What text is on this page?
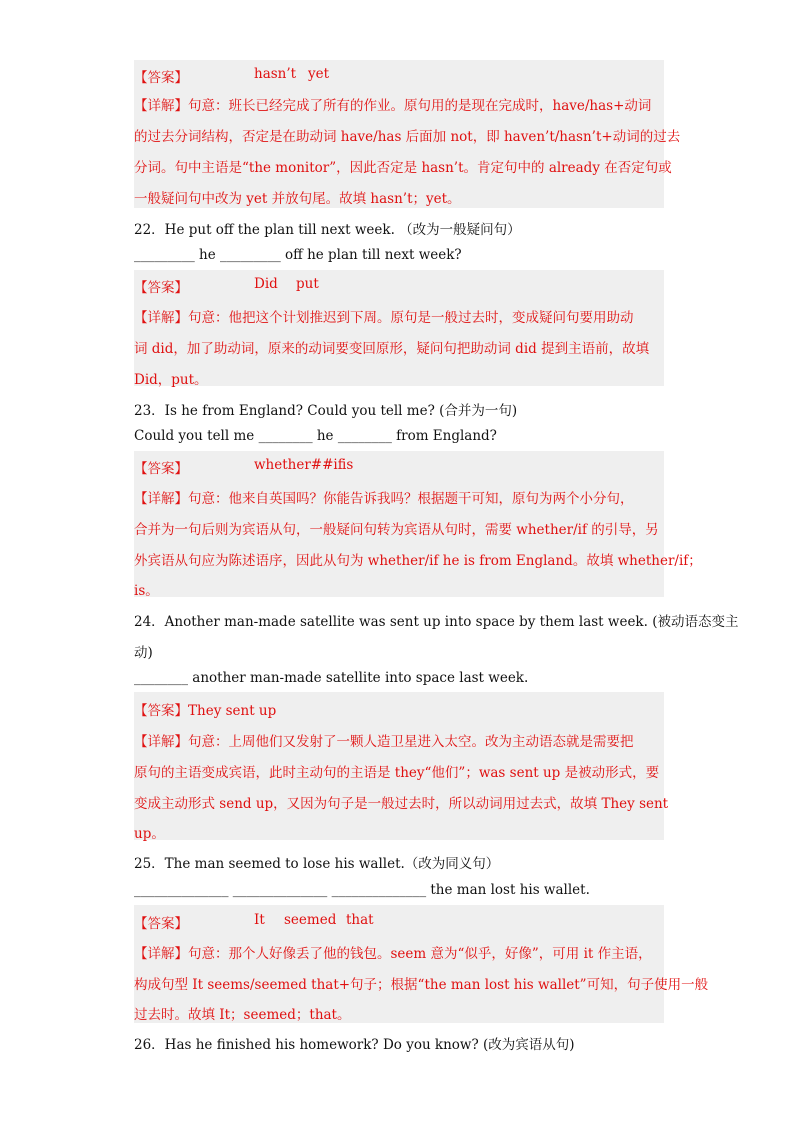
【答案】	hasn’t yet
【详解】句意：班长已经完成了所有的作业。原句用的是现在完成时，have/has+动词
的过去分词结构，否定是在助动词 have/has 后面加 not，即 haven’t/hasn’t+动词的过去
分词。句中主语是“the monitor”，因此否定是 hasn’t。肯定句中的 already 在否定句或
一般疑问句中改为 yet 并放句尾。故填 hasn’t；yet。
22．He put off the plan till next week. （改为一般疑问句）
_________ he _________ off he plan till next week?
【答案】	Did put
【详解】句意：他把这个计划推迟到下周。原句是一般过去时，变成疑问句要用助动
词 did，加了助动词，原来的动词要变回原形，疑问句把助动词 did 提到主语前，故填
Did，put。
23．Is he from England? Could you tell me? (合并为一句)
Could you tell me ________ he ________ from England?
【答案】	whether##if is
【详解】句意：他来自英国吗？你能告诉我吗？根据题干可知，原句为两个小分句，
合并为一句后则为宾语从句，一般疑问句转为宾语从句时，需要 whether/if 的引导，另
外宾语从句应为陈述语序，因此从句为 whether/if he is from England。故填 whether/if；
is。
24．Another man-made satellite was sent up into space by them last week. (被动语态变主
动)
________ another man-made satellite into space last week.
【答案】They sent up
【详解】句意：上周他们又发射了一颗人造卫星进入太空。改为主动语态就是需要把
原句的主语变成宾语，此时主动句的主语是 they“他们”；was sent up 是被动形式，要
变成主动形式 send up，又因为句子是一般过去时，所以动词用过去式，故填 They sent
up。
25．The man seemed to lose his wallet.（改为同义句）
______________ ______________ ______________ the man lost his wallet.
【答案】	It seemed that
【详解】句意：那个人好像丢了他的钱包。seem 意为“似乎，好像”，可用 it 作主语，
构成句型 It seems/seemed that+句子；根据“the man lost his wallet”可知，句子使用一般
过去时。故填 It；seemed；that。
26．Has he finished his homework? Do you know? (改为宾语从句)
